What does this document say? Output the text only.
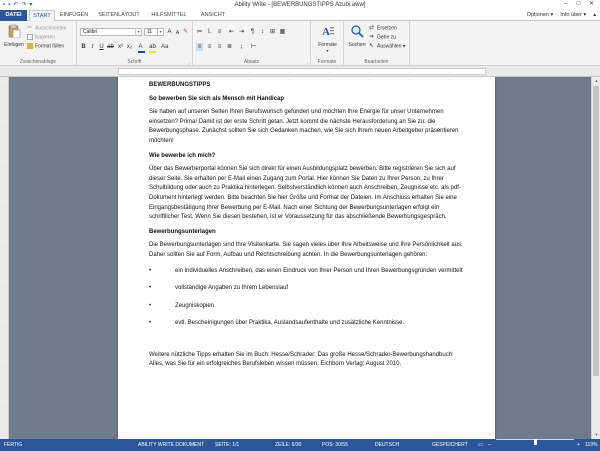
▪ ▪ ↶ ↷ ▾	Ability Write - [BEWERBUNGSTIPPS Azubi.aww]	–	□	✕
DATEI	START	EINFÜGEN	SEITENLAYOUT	HILFSMITTEL	ANSICHT	Optionen ▾ Info über ▾ ▴
Einfügen
✂ Ausschneiden
Kopieren
Format füllen
Zwischenablage
Calibri	▾	11	▾ A A ✎
B I U ab x² x₂ A ab Aa
Schrift	⌟
≔ ⒈ ≡ ⇤ ⇥	¶	↕ ⊞ ▦
≡ ≡ ≡ ≣	↨	⊢
Absatz	⌟
A
Formate
▾
Formate
Suchen
⇄ Ersetzen
➔ Gehe zu
↖ Auswählen ▾
Bearbeiten
·	·	·	·	·	·	·	·	·
·
·
·
·
·
·
·
·
·

BEWERBUNGSTIPPS

So bewerben Sie sich als Mensch mit Handicap

Sie haben auf unseren Seiten Ihren Berufswunsch gefunden und möchten Ihre Energie für unser Unternehmen einsetzen? Prima! Damit ist der erste Schritt getan. Jetzt kommt die nächste Herausforderung an Sie zu: die Bewerbungsphase. Zunächst sollten Sie sich Gedanken machen, wie Sie sich Ihrem neuen Arbeitgeber präsentieren möchten!

Wie bewerbe ich mich?

Über das Bewerberportal können Sie sich direkt für einen Ausbildungsplatz bewerben. Bitte registrieren Sie sich auf dieser Seite. Sie erhalten per E-Mail einen Zugang zum Portal. Hier können Sie Daten zu Ihrer Person, zu Ihrer Schulbildung oder auch zu Praktika hinterlegen. Selbstverständlich können auch Anschreiben, Zeugnisse etc. als pdf-Dokument hinterlegt werden. Bitte beachten Sie hier Größe und Format der Dateien. Im Anschluss erhalten Sie eine Eingangsbestätigung Ihrer Bewerbung per E-Mail. Nach einer Sichtung der Bewerbungsunterlagen erfolgt ein schriftlicher Test. Wenn Sie diesen bestehen, ist er Voraussetzung für das abschließende Bewerbungsgespräch.

Bewerbungsunterlagen

Die Bewerbungsunterlagen sind Ihre Visitenkarte. Sie sagen vieles über Ihre Arbeitsweise und Ihre Persönlichkeit aus. Daher sollten Sie auf Form, Aufbau und Rechtschreibung achten. In die Bewerbungsunterlagen gehören:

•	ein individuelles Anschreiben, das einen Eindruck von Ihrer Person und Ihren Bewerbungsgründen vermittelt

•	vollständige Angaben zu Ihrem Lebenslauf

•	Zeugniskopien

•	evtl. Bescheinigungen über Praktika, Auslandsaufenthalte und zusätzliche Kenntnisse.

Weitere nützliche Tipps erhalten Sie im Buch: Hesse/Schrader: Das große Hesse/Schrader-Bewerbungshandbuch: Alles, was Sie für ein erfolgreiches Berufsleben wissen müssen; Eichborn Verlag; August 2010.

▲
▼
FERTIG	ABILITY WRITE DOKUMENT SEITE: 1/1	ZEILE: 6/30	POS: 30/55	DEUTSCH	GESPEICHERT ▭ –	+ 119%
